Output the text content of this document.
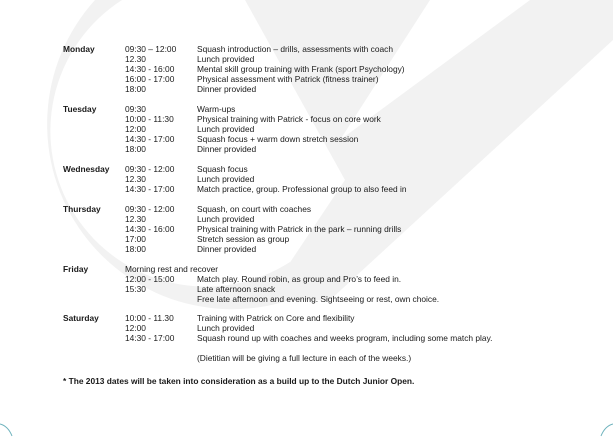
Monday	09:30 – 12:00 Squash introduction – drills, assessments with coach
12.30	Lunch provided
14:30 - 16:00	Mental skill group training with Frank (sport Psychology)
16:00 - 17:00	Physical assessment with Patrick (fitness trainer)
18:00	Dinner provided
Tuesday	09:30	Warm-ups
10:00 - 11:30	Physical training with Patrick - focus on core work
12:00	Lunch provided
14:30 - 17:00	Squash focus + warm down stretch session
18:00	Dinner provided
Wednesday 09:30 - 12:00	Squash focus
12.30	Lunch provided
14:30 - 17:00	Match practice, group. Professional group to also feed in
Thursday	09:30 - 12:00	Squash, on court with coaches
12.30	Lunch provided
14:30 - 16:00	Physical training with Patrick in the park – running drills
17:00	Stretch session as group
18:00	Dinner provided
Friday	Morning rest and recover
12:00 - 15:00	Match play. Round robin, as group and Pro’s to feed in.
15:30	Late afternoon snack
Free late afternoon and evening. Sightseeing or rest, own choice.
Saturday	10:00 - 11.30	Training with Patrick on Core and flexibility
12:00	Lunch provided
14:30 - 17:00	Squash round up with coaches and weeks program, including some match play.
(Dietitian will be giving a full lecture in each of the weeks.)
* The 2013 dates will be taken into consideration as a build up to the Dutch Junior Open.
